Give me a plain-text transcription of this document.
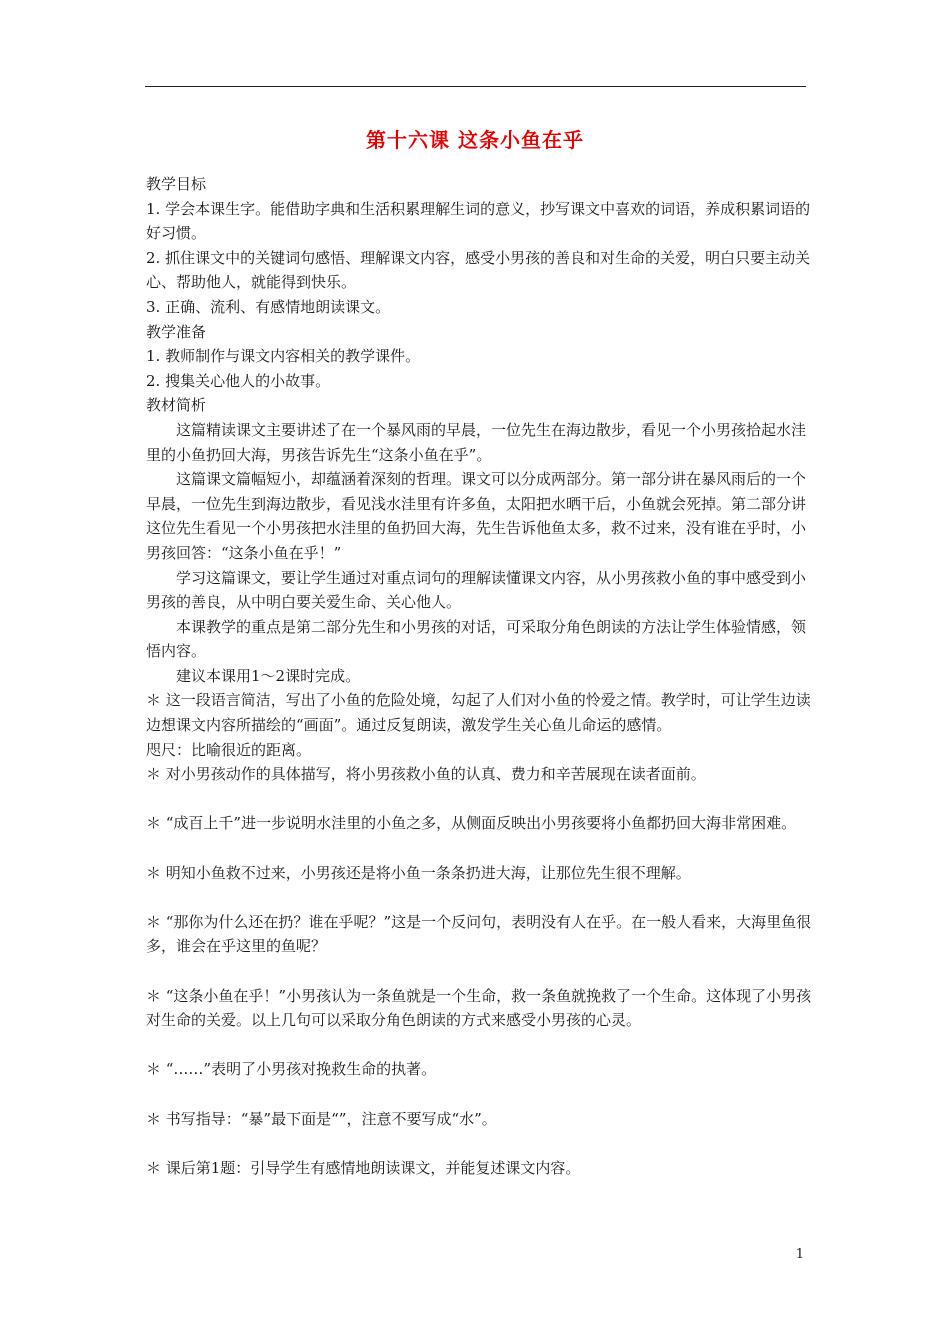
第十六课 这条小鱼在乎

教学目标

1. 学会本课生字。能借助字典和生活积累理解生词的意义，抄写课文中喜欢的词语，养成积累词语的好习惯。

2. 抓住课文中的关键词句感悟、理解课文内容，感受小男孩的善良和对生命的关爱，明白只要主动关心、帮助他人，就能得到快乐。

3. 正确、流利、有感情地朗读课文。

教学准备

1. 教师制作与课文内容相关的教学课件。

2. 搜集关心他人的小故事。

教材简析

这篇精读课文主要讲述了在一个暴风雨的早晨，一位先生在海边散步，看见一个小男孩拾起水洼里的小鱼扔回大海，男孩告诉先生“这条小鱼在乎”。

这篇课文篇幅短小，却蕴涵着深刻的哲理。课文可以分成两部分。第一部分讲在暴风雨后的一个早晨，一位先生到海边散步，看见浅水洼里有许多鱼，太阳把水晒干后，小鱼就会死掉。第二部分讲这位先生看见一个小男孩把水洼里的鱼扔回大海，先生告诉他鱼太多，救不过来，没有谁在乎时，小男孩回答：“这条小鱼在乎！”

学习这篇课文，要让学生通过对重点词句的理解读懂课文内容，从小男孩救小鱼的事中感受到小男孩的善良，从中明白要关爱生命、关心他人。

本课教学的重点是第二部分先生和小男孩的对话，可采取分角色朗读的方法让学生体验情感，领悟内容。

建议本课用1～2课时完成。

＊ 这一段语言简洁，写出了小鱼的危险处境，勾起了人们对小鱼的怜爱之情。教学时，可让学生边读边想课文内容所描绘的“画面”。通过反复朗读，激发学生关心鱼儿命运的感情。

咫尺：比喻很近的距离。

＊ 对小男孩动作的具体描写，将小男孩救小鱼的认真、费力和辛苦展现在读者面前。

＊ “成百上千”进一步说明水洼里的小鱼之多，从侧面反映出小男孩要将小鱼都扔回大海非常困难。

＊ 明知小鱼救不过来，小男孩还是将小鱼一条条扔进大海，让那位先生很不理解。

＊ “那你为什么还在扔？谁在乎呢？”这是一个反问句，表明没有人在乎。在一般人看来，大海里鱼很多，谁会在乎这里的鱼呢？

＊ “这条小鱼在乎！”小男孩认为一条鱼就是一个生命，救一条鱼就挽救了一个生命。这体现了小男孩对生命的关爱。以上几句可以采取分角色朗读的方式来感受小男孩的心灵。

＊ “……”表明了小男孩对挽救生命的执著。

＊ 书写指导：“暴”最下面是“”，注意不要写成“水”。

＊ 课后第1题：引导学生有感情地朗读课文，并能复述课文内容。

1
